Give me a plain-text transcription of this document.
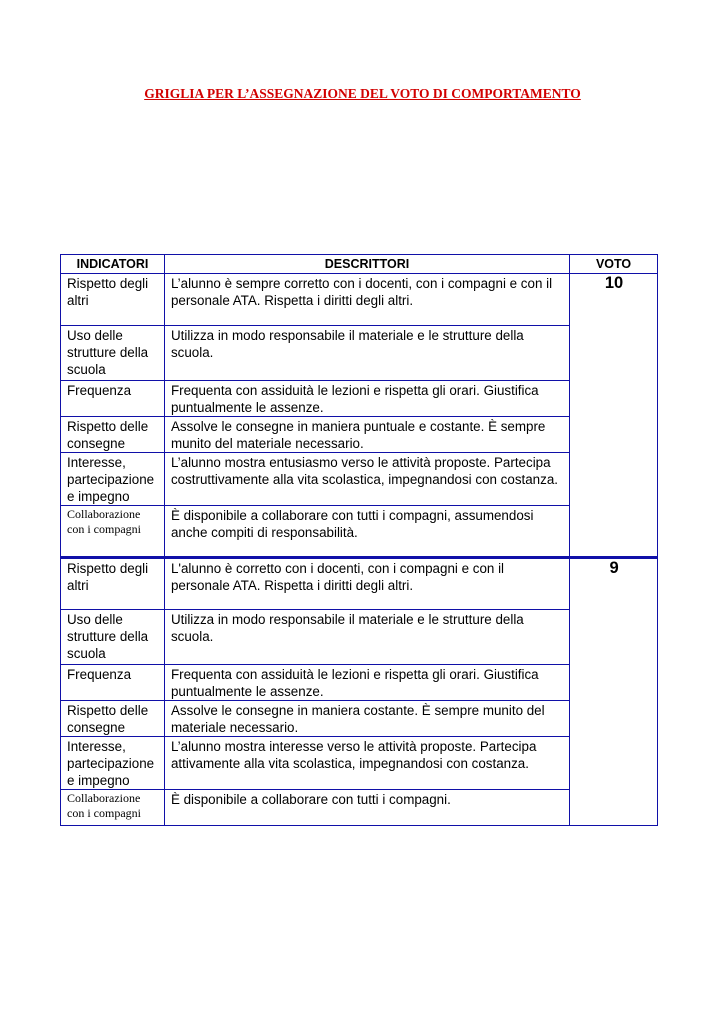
GRIGLIA PER L’ASSEGNAZIONE DEL VOTO DI COMPORTAMENTO
INDICATORI	DESCRITTORI	VOTO
Rispetto degli altri	L’alunno è sempre corretto con i docenti, con i compagni e con il personale ATA. Rispetta i diritti degli altri.	10
Uso delle strutture della scuola	Utilizza in modo responsabile il materiale e le strutture della scuola.	
Frequenza	Frequenta con assiduità le lezioni e rispetta gli orari. Giustifica puntualmente le assenze.	
Rispetto delle consegne	Assolve le consegne in maniera puntuale e costante. È sempre munito del materiale necessario.	
Interesse, partecipazione e impegno	L’alunno mostra entusiasmo verso le attività proposte. Partecipa costruttivamente alla vita scolastica, impegnandosi con costanza.	
Collaborazione con i compagni	È disponibile a collaborare con tutti i compagni, assumendosi anche compiti di responsabilità.	
Rispetto degli altri	L'alunno è corretto con i docenti, con i compagni e con il personale ATA. Rispetta i diritti degli altri.	9
Uso delle strutture della scuola	Utilizza in modo responsabile il materiale e le strutture della scuola.	
Frequenza	Frequenta con assiduità le lezioni e rispetta gli orari. Giustifica puntualmente le assenze.	
Rispetto delle consegne	Assolve le consegne in maniera costante. È sempre munito del materiale necessario.	
Interesse, partecipazione e impegno	L’alunno mostra interesse verso le attività proposte. Partecipa attivamente alla vita scolastica, impegnandosi con costanza.	
Collaborazione con i compagni	È disponibile a collaborare con tutti i compagni.	
